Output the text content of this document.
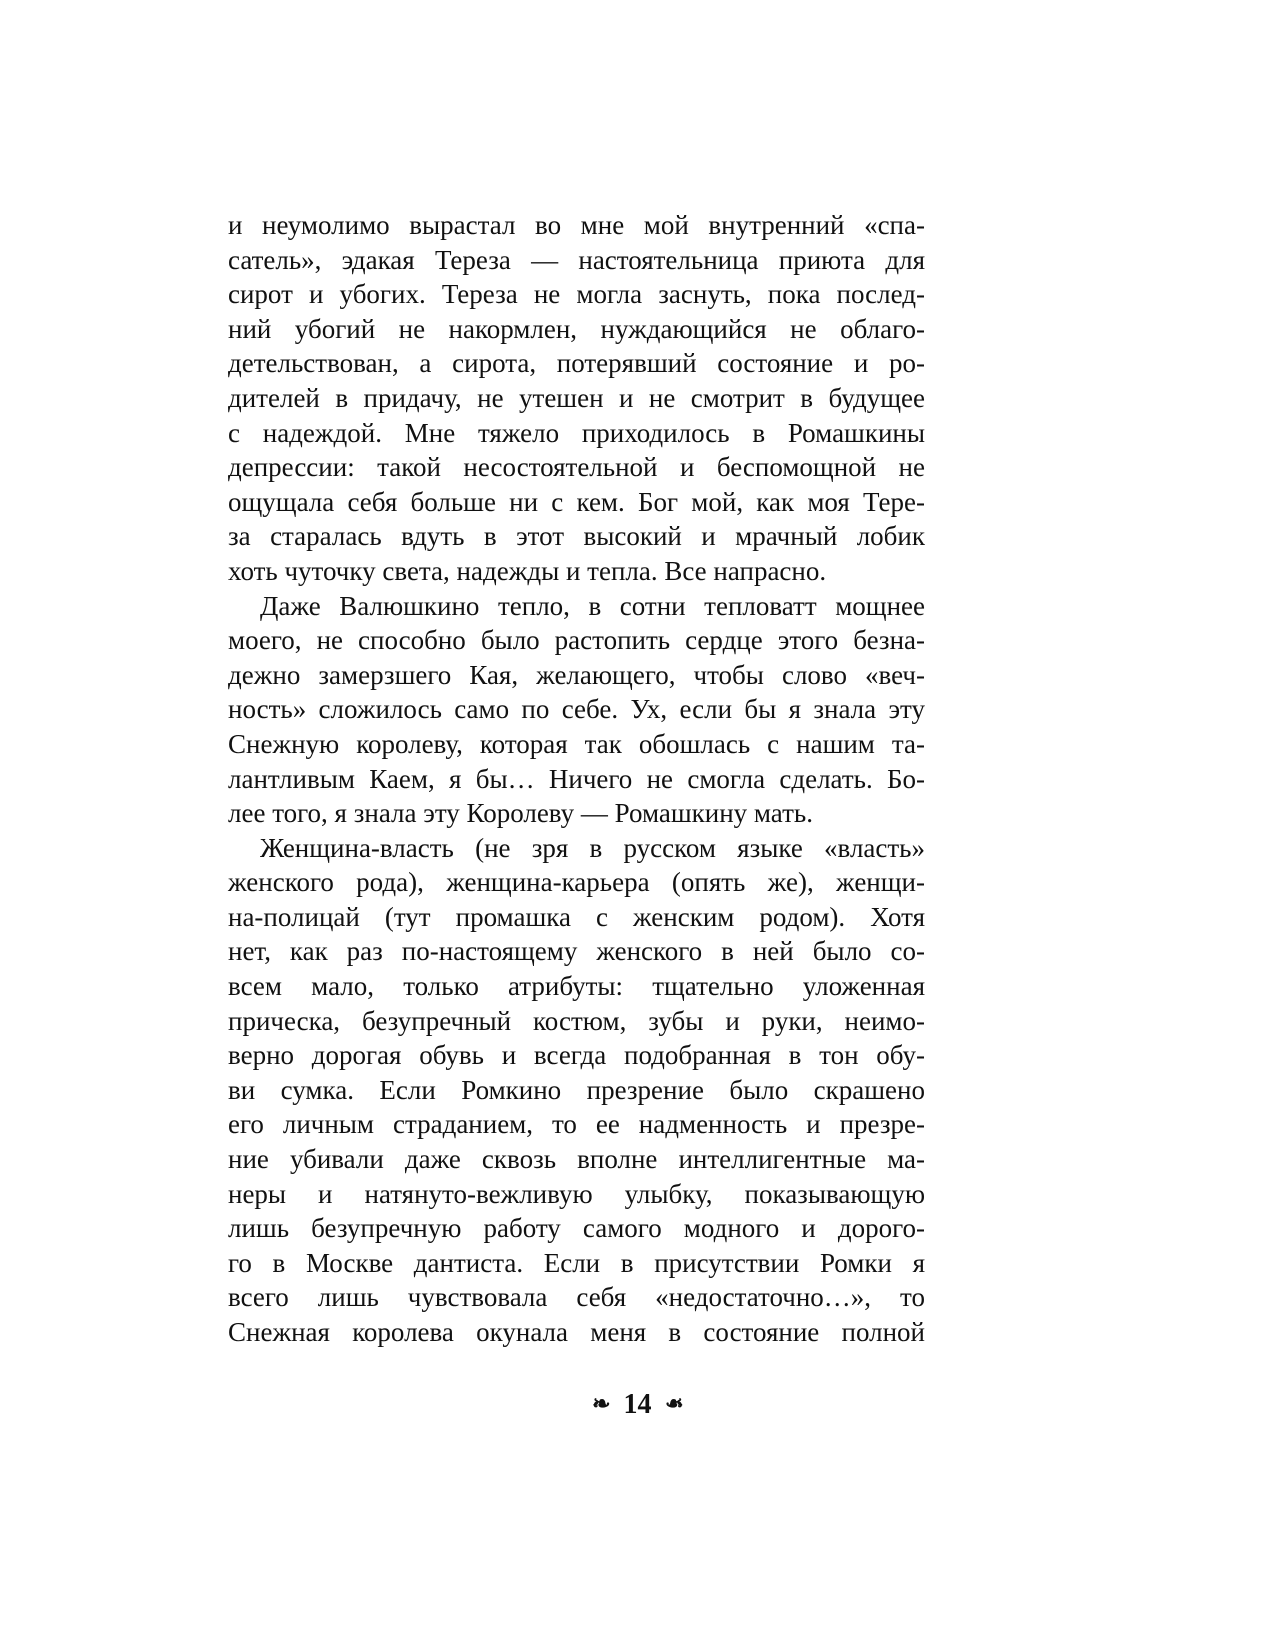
и неумолимо вырастал во мне мой внутренний «спа-
сатель», эдакая Тереза — настоятельница приюта для
сирот и убогих. Тереза не могла заснуть, пока послед-
ний убогий не накормлен, нуждающийся не облаго-
детельствован, а сирота, потерявший состояние и ро-
дителей в придачу, не утешен и не смотрит в будущее
с надеждой. Мне тяжело приходилось в Ромашкины
депрессии: такой несостоятельной и беспомощной не
ощущала себя больше ни с кем. Бог мой, как моя Тере-
за старалась вдуть в этот высокий и мрачный лобик
хоть чуточку света, надежды и тепла. Все напрасно.
Даже Валюшкино тепло, в сотни тепловатт мощнее
моего, не способно было растопить сердце этого безна-
дежно замерзшего Кая, желающего, чтобы слово «веч-
ность» сложилось само по себе. Ух, если бы я знала эту
Снежную королеву, которая так обошлась с нашим та-
лантливым Каем, я бы… Ничего не смогла сделать. Бо-
лее того, я знала эту Королеву — Ромашкину мать.
Женщина-власть (не зря в русском языке «власть»
женского рода), женщина-карьера (опять же), женщи-
на-полицай (тут промашка с женским родом). Хотя
нет, как раз по-настоящему женского в ней было со-
всем мало, только атрибуты: тщательно уложенная
прическа, безупречный костюм, зубы и руки, неимо-
верно дорогая обувь и всегда подобранная в тон обу-
ви сумка. Если Ромкино презрение было скрашено
его личным страданием, то ее надменность и презре-
ние убивали даже сквозь вполне интеллигентные ма-
неры и натянуто-вежливую улыбку, показывающую
лишь безупречную работу самого модного и дорого-
го в Москве дантиста. Если в присутствии Ромки я
всего лишь чувствовала себя «недостаточно…», то
Снежная королева окунала меня в состояние полной
❧ 14 ❧
